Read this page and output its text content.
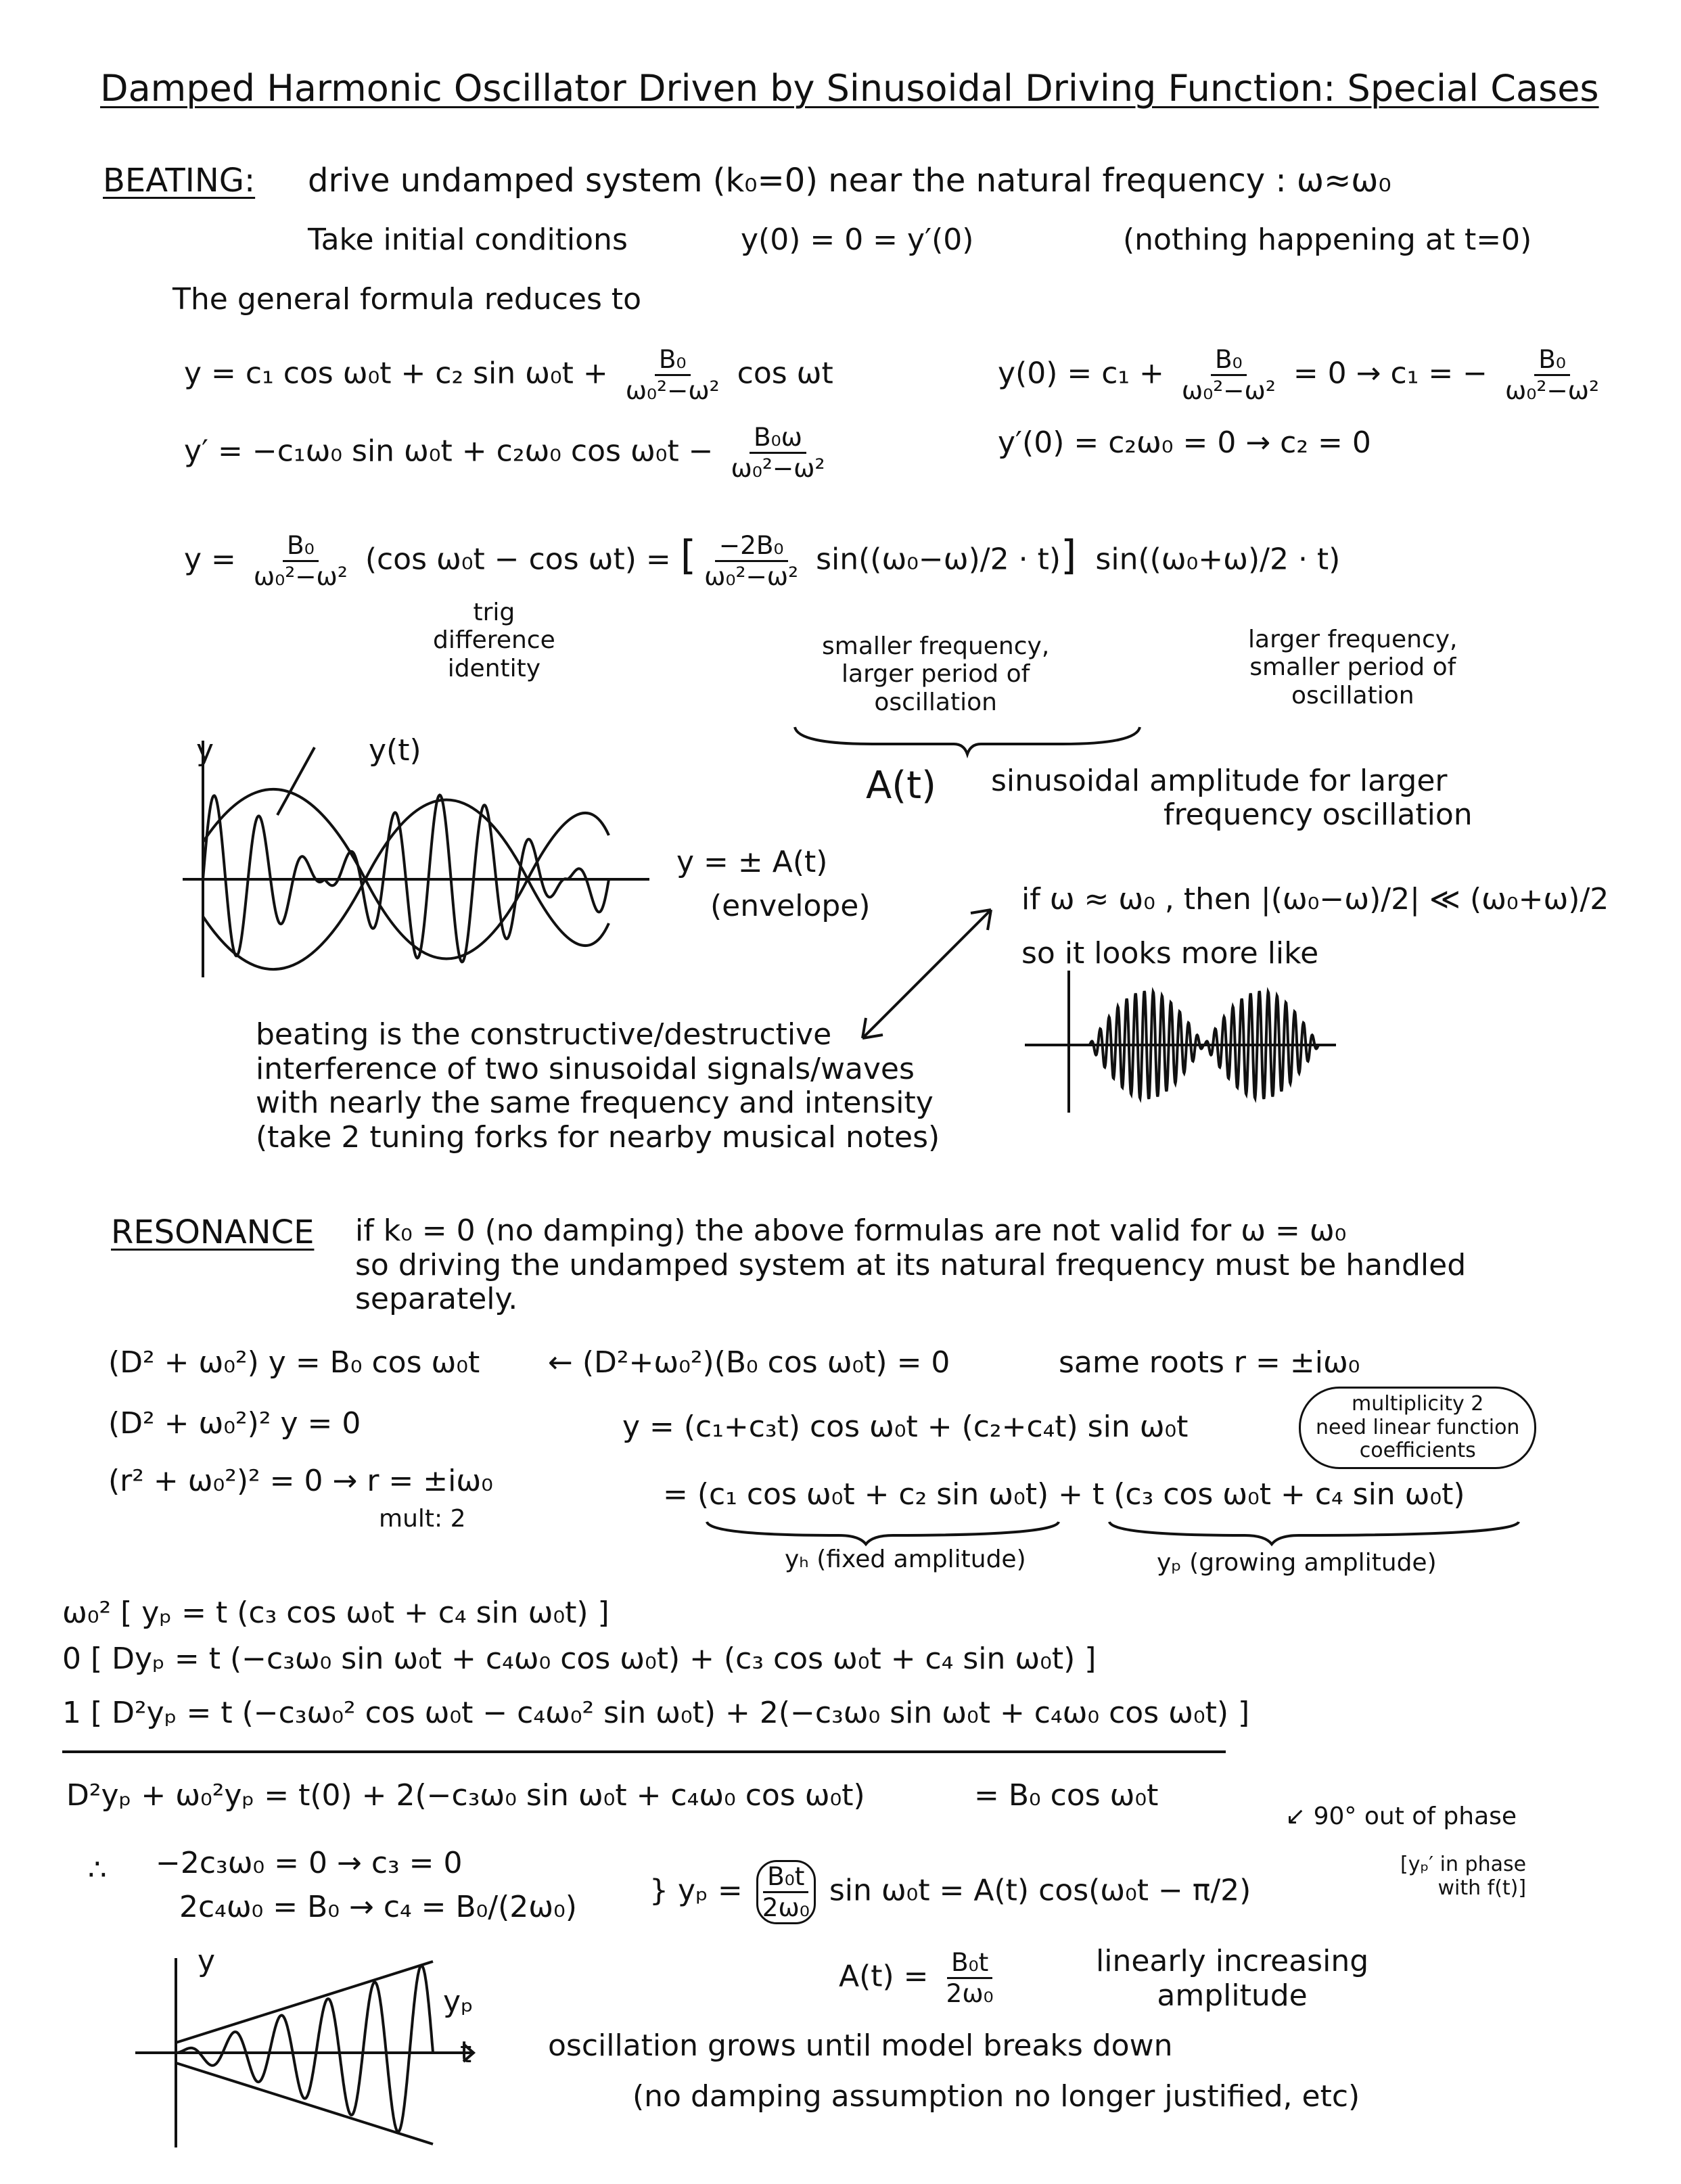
Damped Harmonic Oscillator Driven by Sinusoidal Driving Function: Special Cases
BEATING: drive undamped system (k₀=0) near the natural frequency : ω≈ω₀
Take initial conditions	y(0) = 0 = y′(0)	(nothing happening at t=0)
The general formula reduces to
y = c₁ cos ω₀t + c₂ $\sin \omega_0t + \frac{\text{B₀}}{\text{ω₀²−ω²}}$ cos ωt
y′ = −c₁ω₀ sin ω₀t + c₂ω₀ $\cos \omega_0t - \frac{\text{B₀ω}}{\text{ω₀²−ω²}}$
$y(0) = c_1 + \frac{\text{B₀}}{\text{ω₀²−ω²}} = 0 \to c_1$ = − $\frac{\text{B₀}}{\text{ω₀²−ω²}}$
y′(0) = c₂ω₀ = 0 → c₂ = 0
$y = \frac{\text{B₀}}{\text{ω₀²−ω²}} (\cos$ ω₀t − cos ωt) = [ $\frac{\text{−2B₀}}{\text{ω₀²−ω²}} \sin((\omega_0-\omega)/2 \cdot t)$] sin((ω₀+ω)/2 · t)
trig
difference
identity
smaller frequency,
larger period of
oscillation
larger frequency,
smaller period of
oscillation
A(t) sinusoidal amplitude for larger
frequency oscillation
y	y(t)
y = ± A(t)
(envelope)	if ω ≈ ω₀ , then |(ω₀−ω)/2| ≪ (ω₀+ω)/2
so it looks more like
beating is the constructive/destructive
interference of two sinusoidal signals/waves
with nearly the same frequency and intensity
(take 2 tuning forks for nearby musical notes)
RESONANCE if k₀ = 0 (no damping) the above formulas are not valid for ω = ω₀
so driving the undamped system at its natural frequency must be handled
separately.
(D² + ω₀²) y = B₀ cos ω₀t ← (D²+ω₀²)(B₀ cos ω₀t) = 0	same roots r = ±iω₀
(D² + ω₀²)² y = 0	y = (c₁+c₃t) cos ω₀t + (c₂+c₄t) sin ω₀t
multiplicity 2
need linear function
coefficients
(r² + ω₀²)² = 0 → r = ±iω₀
mult: 2
= (c₁ cos ω₀t + c₂ sin ω₀t) + t (c₃ cos ω₀t + c₄ sin ω₀t)
yₕ (fixed amplitude)	yₚ (growing amplitude)
ω₀² [ yₚ = t (c₃ cos ω₀t + c₄ sin ω₀t) ]
0 [ Dyₚ = t (−c₃ω₀ sin ω₀t + c₄ω₀ cos ω₀t) + (c₃ cos ω₀t + c₄ sin ω₀t) ]
1 [ D²yₚ = t (−c₃ω₀² cos ω₀t − c₄ω₀² sin ω₀t) + 2(−c₃ω₀ sin ω₀t + c₄ω₀ cos ω₀t) ]
D²yₚ + ω₀²yₚ = t(0) + 2(−c₃ω₀ sin ω₀t + c₄ω₀ cos ω₀t)	= B₀ cos ω₀t
↙ 90° out of phase
[yₚ′ in phase
with f(t)]
∴ −2c₃ω₀ = 0 → c₃ = 0
2c₄ω₀ = B₀ → c₄ = B₀/(2ω₀) } $y_p = \frac{\text{B₀t}}{\text{2ω₀}}$ sin ω₀t = A(t) cos(ω₀t − π/2)
$A(t) = \frac{\text{B₀t}}{\text{2ω₀}}$	linearly increasing
amplitude
y
yₚ
t	oscillation grows until model breaks down
(no damping assumption no longer justified, etc)
